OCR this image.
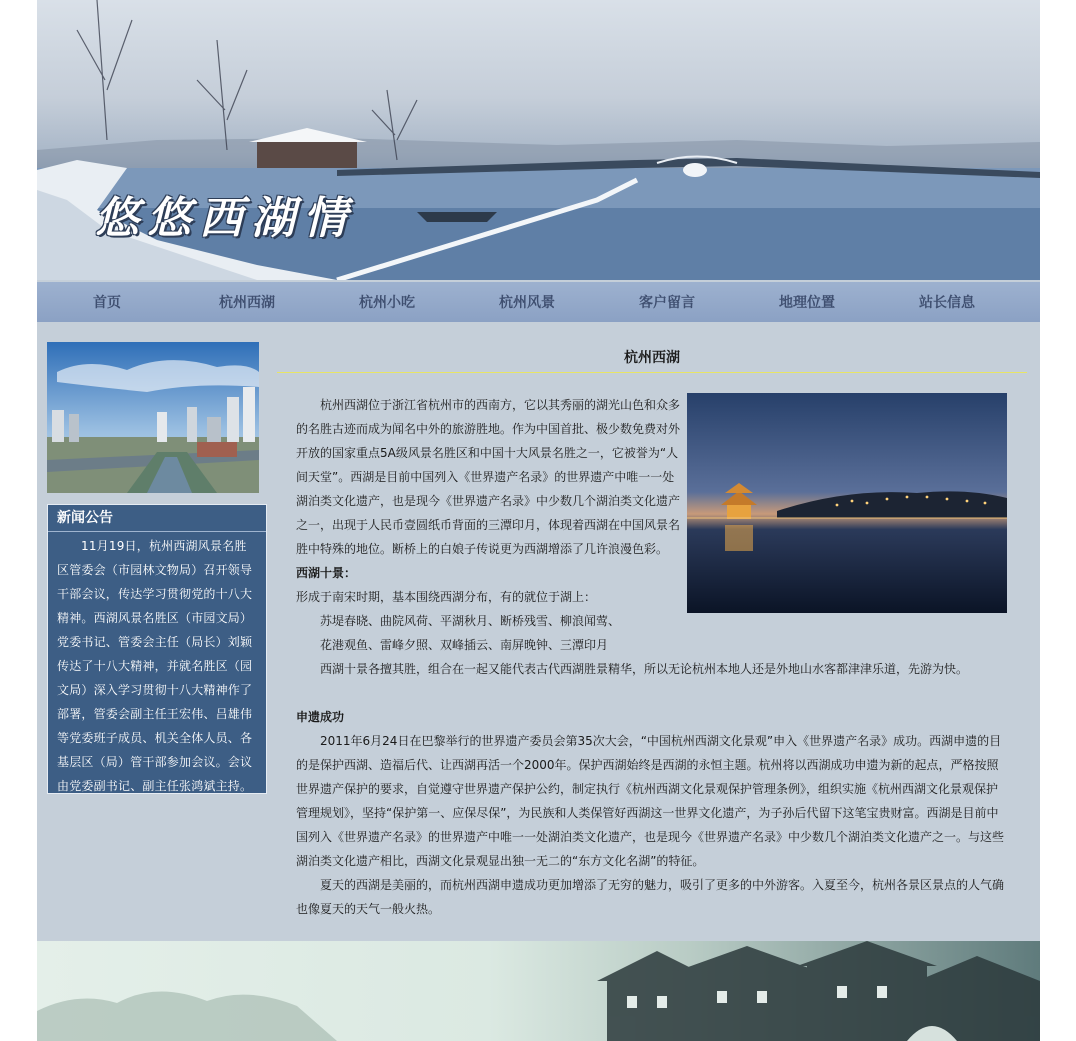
悠悠西湖情
首页	杭州西湖	杭州小吃	杭州风景	客户留言	地理位置	站长信息
新闻公告
11月19日，杭州西湖风景名胜区管委会（市园林文物局）召开领导干部会议，传达学习贯彻党的十八大精神。西湖风景名胜区（市园文局）党委书记、管委会主任（局长）刘颖传达了十八大精神，并就名胜区（园文局）深入学习贯彻十八大精神作了部署，管委会副主任王宏伟、吕雄伟等党委班子成员、机关全体人员、各基层区（局）管干部参加会议。会议由党委副书记、副主任张鸿斌主持。
杭州西湖
杭州西湖位于浙江省杭州市的西南方，它以其秀丽的湖光山色和众多的名胜古迹而成为闻名中外的旅游胜地。作为中国首批、极少数免费对外开放的国家重点5A级风景名胜区和中国十大风景名胜之一，它被誉为“人间天堂”。西湖是目前中国列入《世界遗产名录》的世界遗产中唯一一处湖泊类文化遗产，也是现今《世界遗产名录》中少数几个湖泊类文化遗产之一，出现于人民币壹圆纸币背面的三潭印月，体现着西湖在中国风景名胜中特殊的地位。断桥上的白娘子传说更为西湖增添了几许浪漫色彩。
西湖十景：
形成于南宋时期，基本围绕西湖分布，有的就位于湖上：
苏堤春晓、曲院风荷、平湖秋月、断桥残雪、柳浪闻莺、
花港观鱼、雷峰夕照、双峰插云、南屏晚钟、三潭印月
西湖十景各擅其胜，组合在一起又能代表古代西湖胜景精华，所以无论杭州本地人还是外地山水客都津津乐道，先游为快。
申遗成功
2011年6月24日在巴黎举行的世界遗产委员会第35次大会，“中国杭州西湖文化景观”申入《世界遗产名录》成功。西湖申遗的目的是保护西湖、造福后代、让西湖再活一个2000年。保护西湖始终是西湖的永恒主题。杭州将以西湖成功申遗为新的起点，严格按照世界遗产保护的要求，自觉遵守世界遗产保护公约，制定执行《杭州西湖文化景观保护管理条例》，组织实施《杭州西湖文化景观保护管理规划》，坚持“保护第一、应保尽保”，为民族和人类保管好西湖这一世界文化遗产，为子孙后代留下这笔宝贵财富。西湖是目前中国列入《世界遗产名录》的世界遗产中唯一一处湖泊类文化遗产，也是现今《世界遗产名录》中少数几个湖泊类文化遗产之一。与这些湖泊类文化遗产相比，西湖文化景观显出独一无二的“东方文化名湖”的特征。
夏天的西湖是美丽的，而杭州西湖申遗成功更加增添了无穷的魅力，吸引了更多的中外游客。入夏至今，杭州各景区景点的人气确也像夏天的天气一般火热。
